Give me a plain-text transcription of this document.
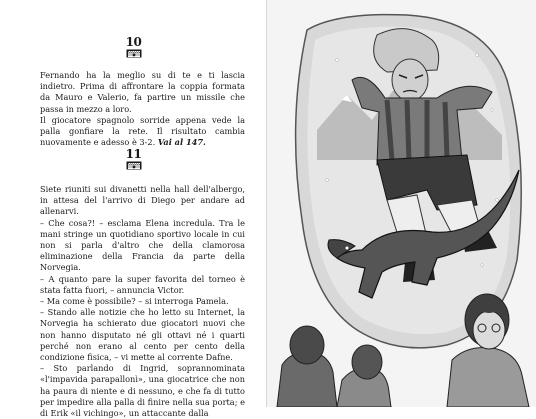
10

Fernando ha la meglio su di te e ti lascia indietro. Prima di affrontare la coppia formata da Mauro e Valerio, fa partire un missile che passa in mezzo a loro.

Il giocatore spagnolo sorride appena vede la palla gonfiare la rete. Il risultato cambia nuovamente e adesso è 3-2. Vai al 147.

11

Siete riuniti sui divanetti nella hall dell'albergo, in attesa del l'arrivo di Diego per andare ad allenarvi.

– Che cosa?! – esclama Elena incredula. Tra le mani stringe un quotidiano sportivo locale in cui non si parla d'altro che della clamorosa eliminazione della Francia da parte della Norvegia.

– A quanto pare la super favorita del torneo è stata fatta fuori, – annuncia Victor.

– Ma come è possibile? – si interroga Pamela.

– Stando alle notizie che ho letto su Internet, la Norvegia ha schierato due giocatori nuovi che non hanno disputato né gli ottavi né i quarti perché non erano al cento per cento della condizione fisica, – vi mette al corrente Dafne.

– Sto parlando di Ingrid, soprannominata «l'impavida parapallonì», una giocatrice che non ha paura di niente e di nessuno, e che fa di tutto per impedire alla palla di finire nella sua porta; e di Erik «il vichingo», un attaccante dalla
